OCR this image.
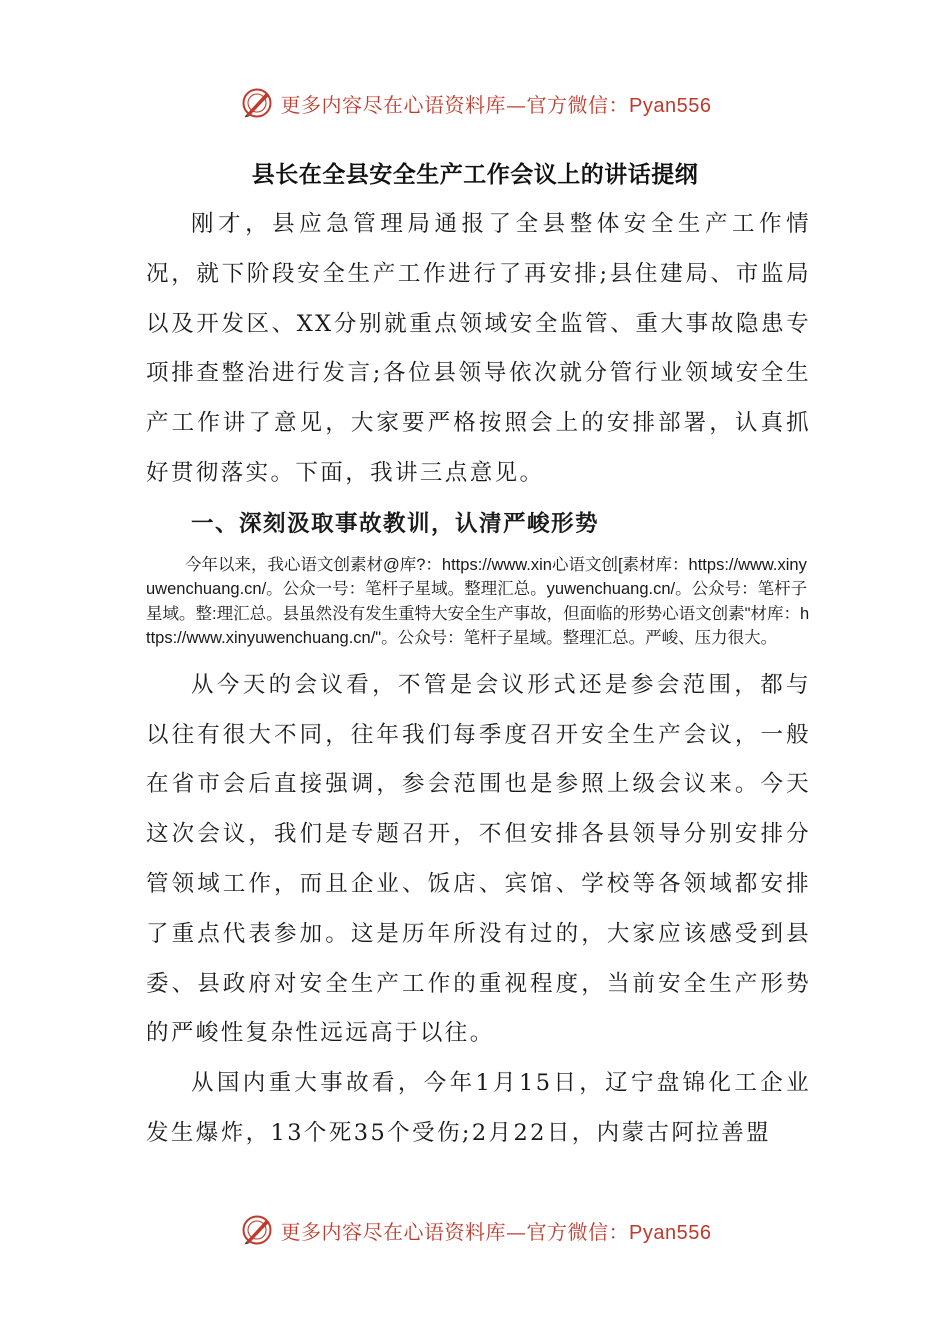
更多内容尽在心语资料库—官方微信：Pyan556
县长在全县安全生产工作会议上的讲话提纲

刚才，县应急管理局通报了全县整体安全生产工作情况，就下阶段安全生产工作进行了再安排;县住建局、市监局以及开发区、XX分别就重点领域安全监管、重大事故隐患专项排查整治进行发言;各位县领导依次就分管行业领域安全生产工作讲了意见，大家要严格按照会上的安排部署，认真抓好贯彻落实。下面，我讲三点意见。

一、深刻汲取事故教训，认清严峻形势

今年以来，我心语文创素材@库?：https://www.xin心语文创[素材库：https://www.xinyuwenchuang.cn/。公众一号：笔杆子星域。整理汇总。yuwenchuang.cn/。公众号：笔杆子星域。整:理汇总。县虽然没有发生重特大安全生产事故，但面临的形势心语文创素"材库：https://www.xinyuwenchuang.cn/"。公众号：笔杆子星域。整理汇总。严峻、压力很大。

从今天的会议看，不管是会议形式还是参会范围，都与以往有很大不同，往年我们每季度召开安全生产会议，一般在省市会后直接强调，参会范围也是参照上级会议来。今天这次会议，我们是专题召开，不但安排各县领导分别安排分管领域工作，而且企业、饭店、宾馆、学校等各领域都安排了重点代表参加。这是历年所没有过的，大家应该感受到县委、县政府对安全生产工作的重视程度，当前安全生产形势的严峻性复杂性远远高于以往。

从国内重大事故看，今年1月15日，辽宁盘锦化工企业发生爆炸，13个死35个受伤;2月22日，内蒙古阿拉善盟

更多内容尽在心语资料库—官方微信：Pyan556
